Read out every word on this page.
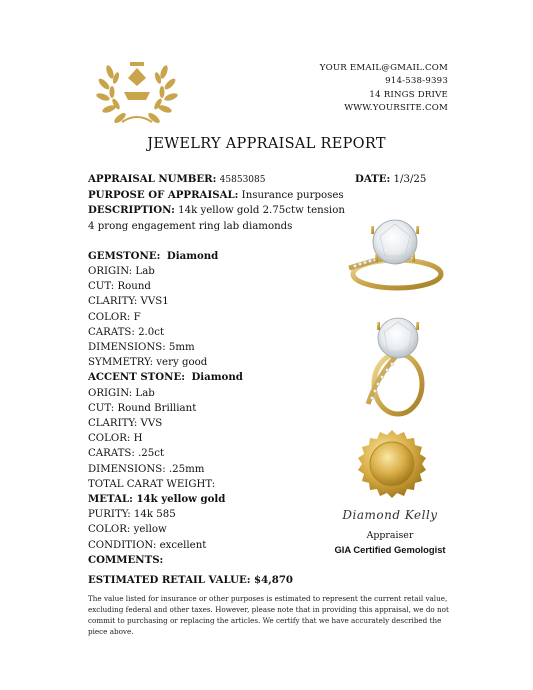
YOUR EMAIL@GMAIL.COM
914-538-9393
14 RINGS DRIVE
WWW.YOURSITE.COM
JEWELRY APPRAISAL REPORT
APPRAISAL NUMBER: 45853085
PURPOSE OF APPRAISAL: Insurance purposes
DESCRIPTION: 14k yellow gold 2.75ctw tension
4 prong engagement ring lab diamonds
GEMSTONE: Diamond
ORIGIN: Lab
CUT: Round
CLARITY: VVS1
COLOR: F
CARATS: 2.0ct
DIMENSIONS: 5mm
SYMMETRY: very good
ACCENT STONE: Diamond
ORIGIN: Lab
CUT: Round Brilliant
CLARITY: VVS
COLOR: H
CARATS: .25ct
DIMENSIONS: .25mm
TOTAL CARAT WEIGHT:
METAL: 14k yellow gold
PURITY: 14k 585
COLOR: yellow
CONDITION: excellent
COMMENTS:
DATE: 1/3/25
Diamond Kelly
Appraiser
GIA Certified Gemologist
ESTIMATED RETAIL VALUE: $4,870
The value listed for insurance or other purposes is estimated to represent the current retail value, excluding federal and other taxes. However, please note that in providing this appraisal, we do not commit to purchasing or replacing the articles. We certify that we have accurately described the piece above.
